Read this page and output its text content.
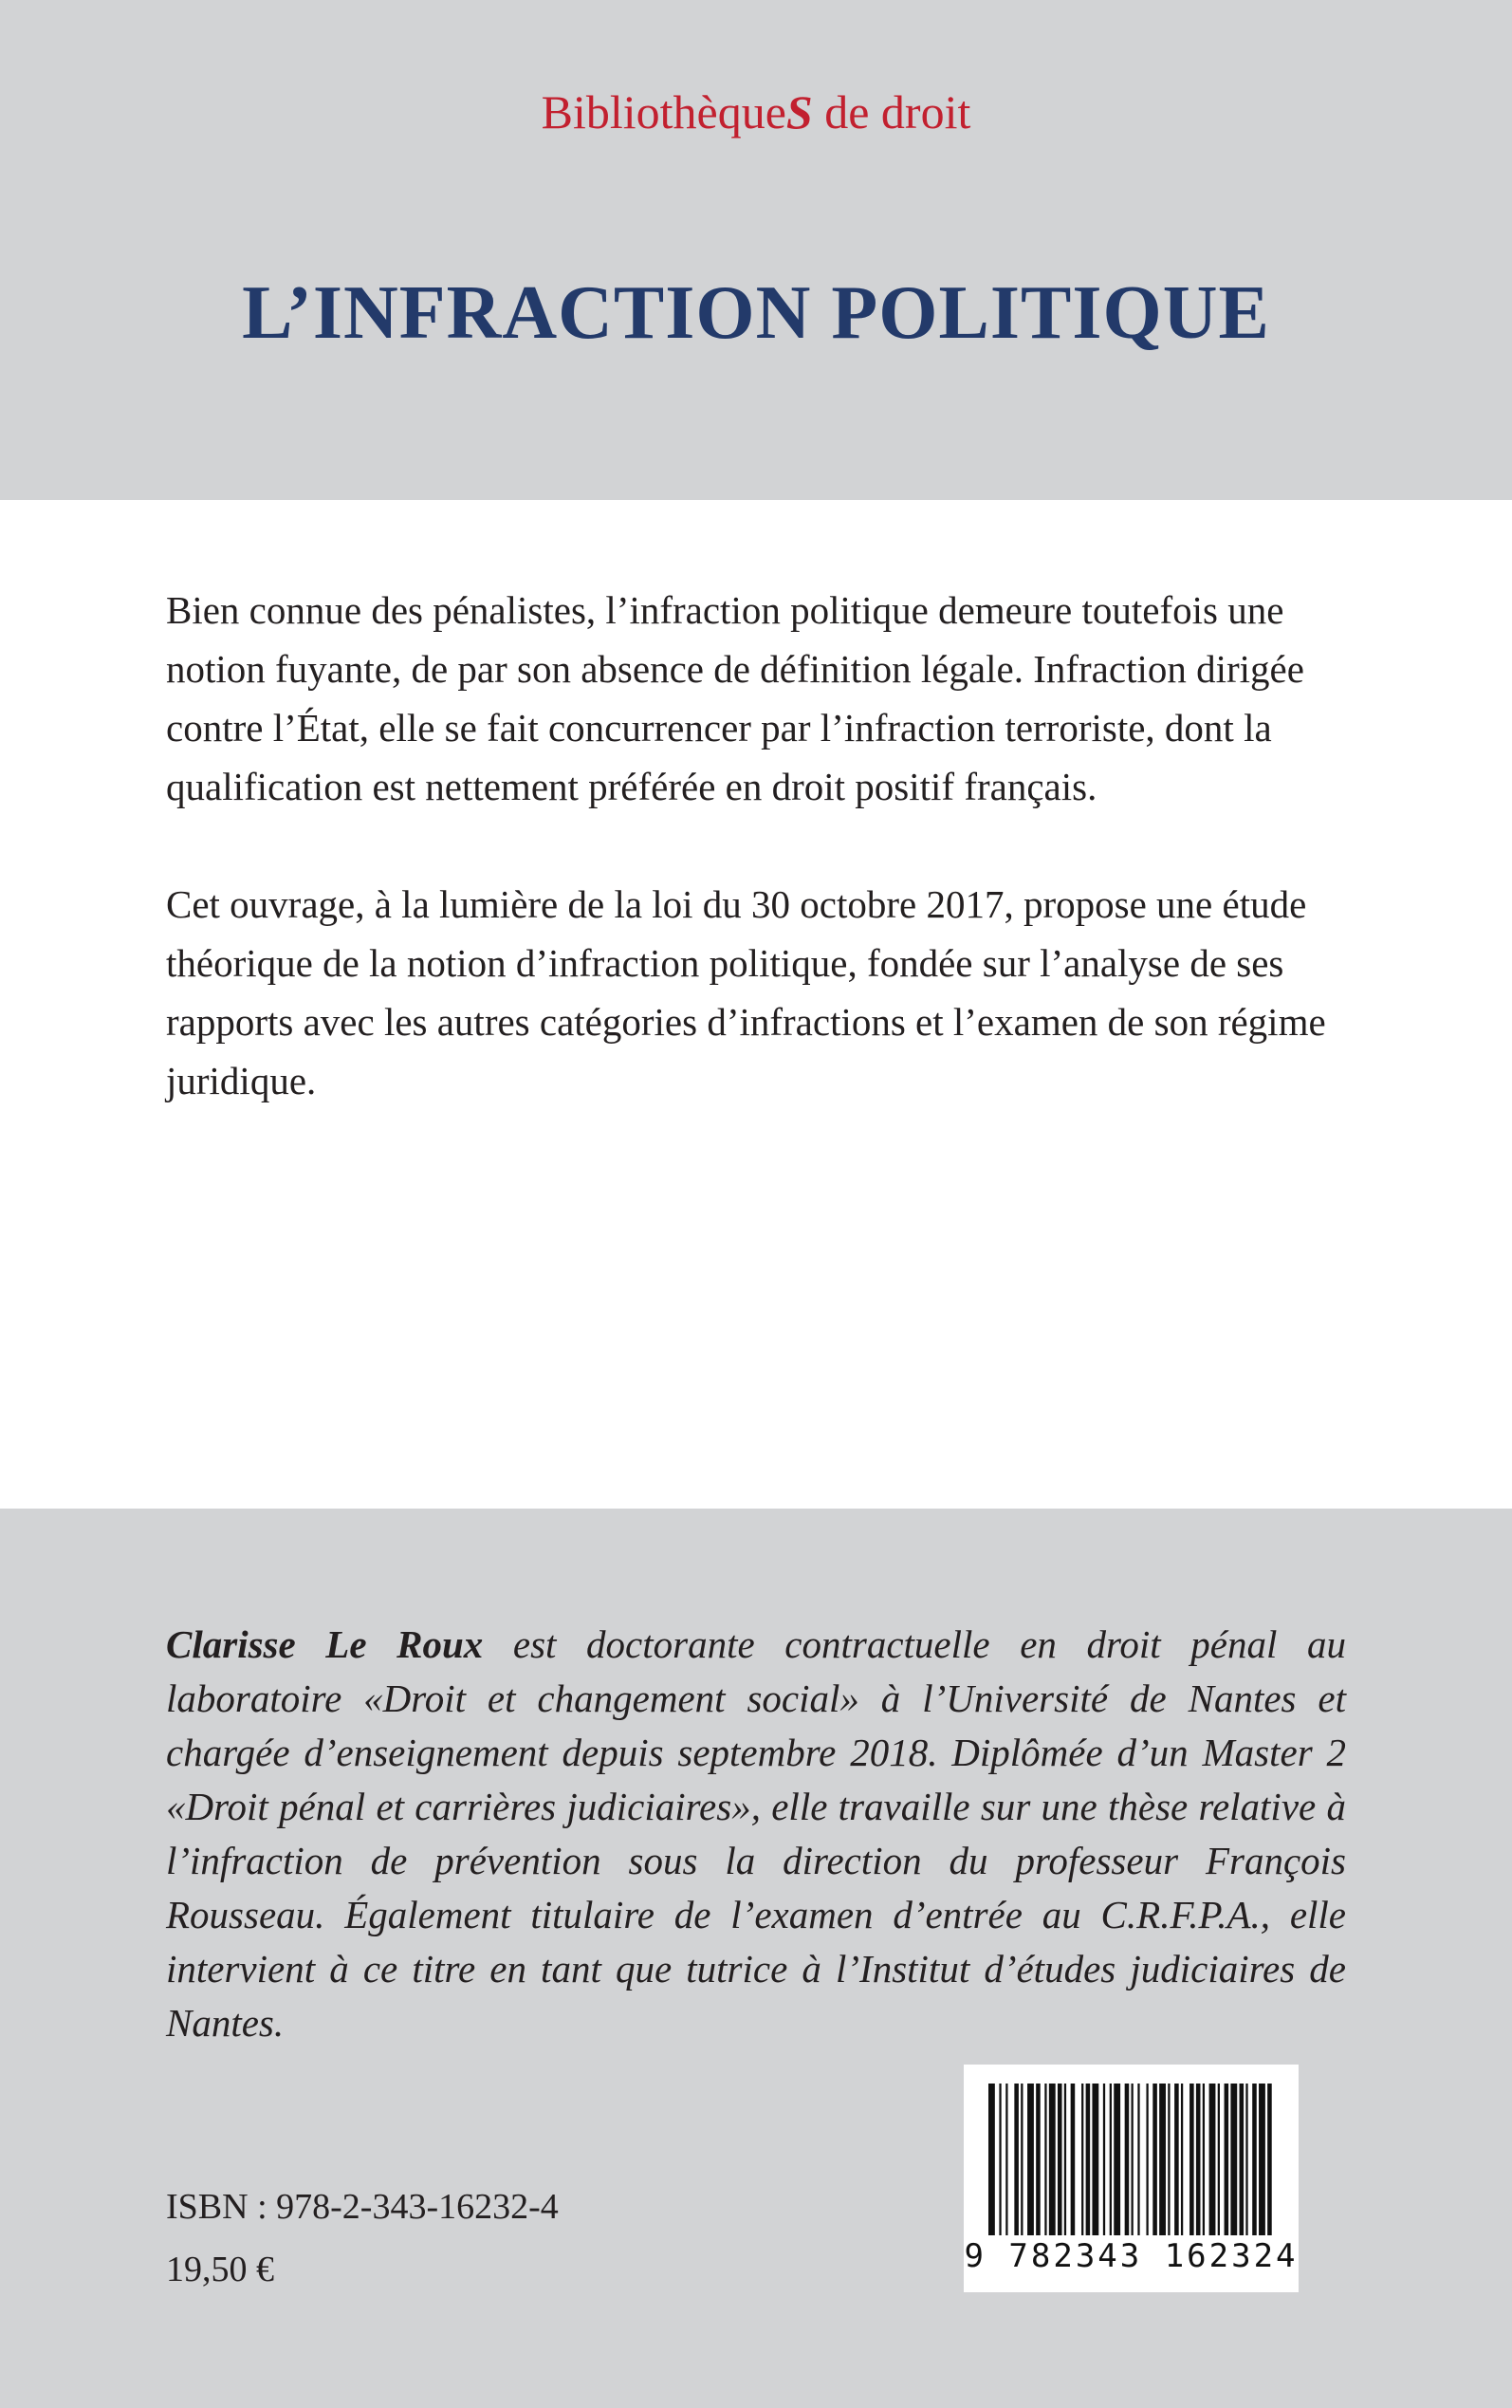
BibliothèqueS de droit

L’INFRACTION POLITIQUE

Bien connue des pénalistes, l’infraction politique demeure toutefois une notion fuyante, de par son absence de définition légale. Infraction dirigée contre l’État, elle se fait concurrencer par l’infraction terroriste, dont la qualification est nettement préférée en droit positif français.

Cet ouvrage, à la lumière de la loi du 30 octobre 2017, propose une étude théorique de la notion d’infraction politique, fondée sur l’analyse de ses rapports avec les autres catégories d’infractions et l’examen de son régime juridique.

Clarisse Le Roux est doctorante contractuelle en droit pénal au laboratoire «Droit et changement social» à l’Université de Nantes et chargée d’enseignement depuis septembre 2018. Diplômée d’un Master 2 «Droit pénal et carrières judiciaires», elle travaille sur une thèse relative à l’infraction de prévention sous la direction du professeur François Rousseau. Également titulaire de l’examen d’entrée au C.R.F.P.A., elle intervient à ce titre en tant que tutrice à l’Institut d’études judiciaires de Nantes.

ISBN : 978-2-343-16232-4

19,50 €	9 782343 162324
